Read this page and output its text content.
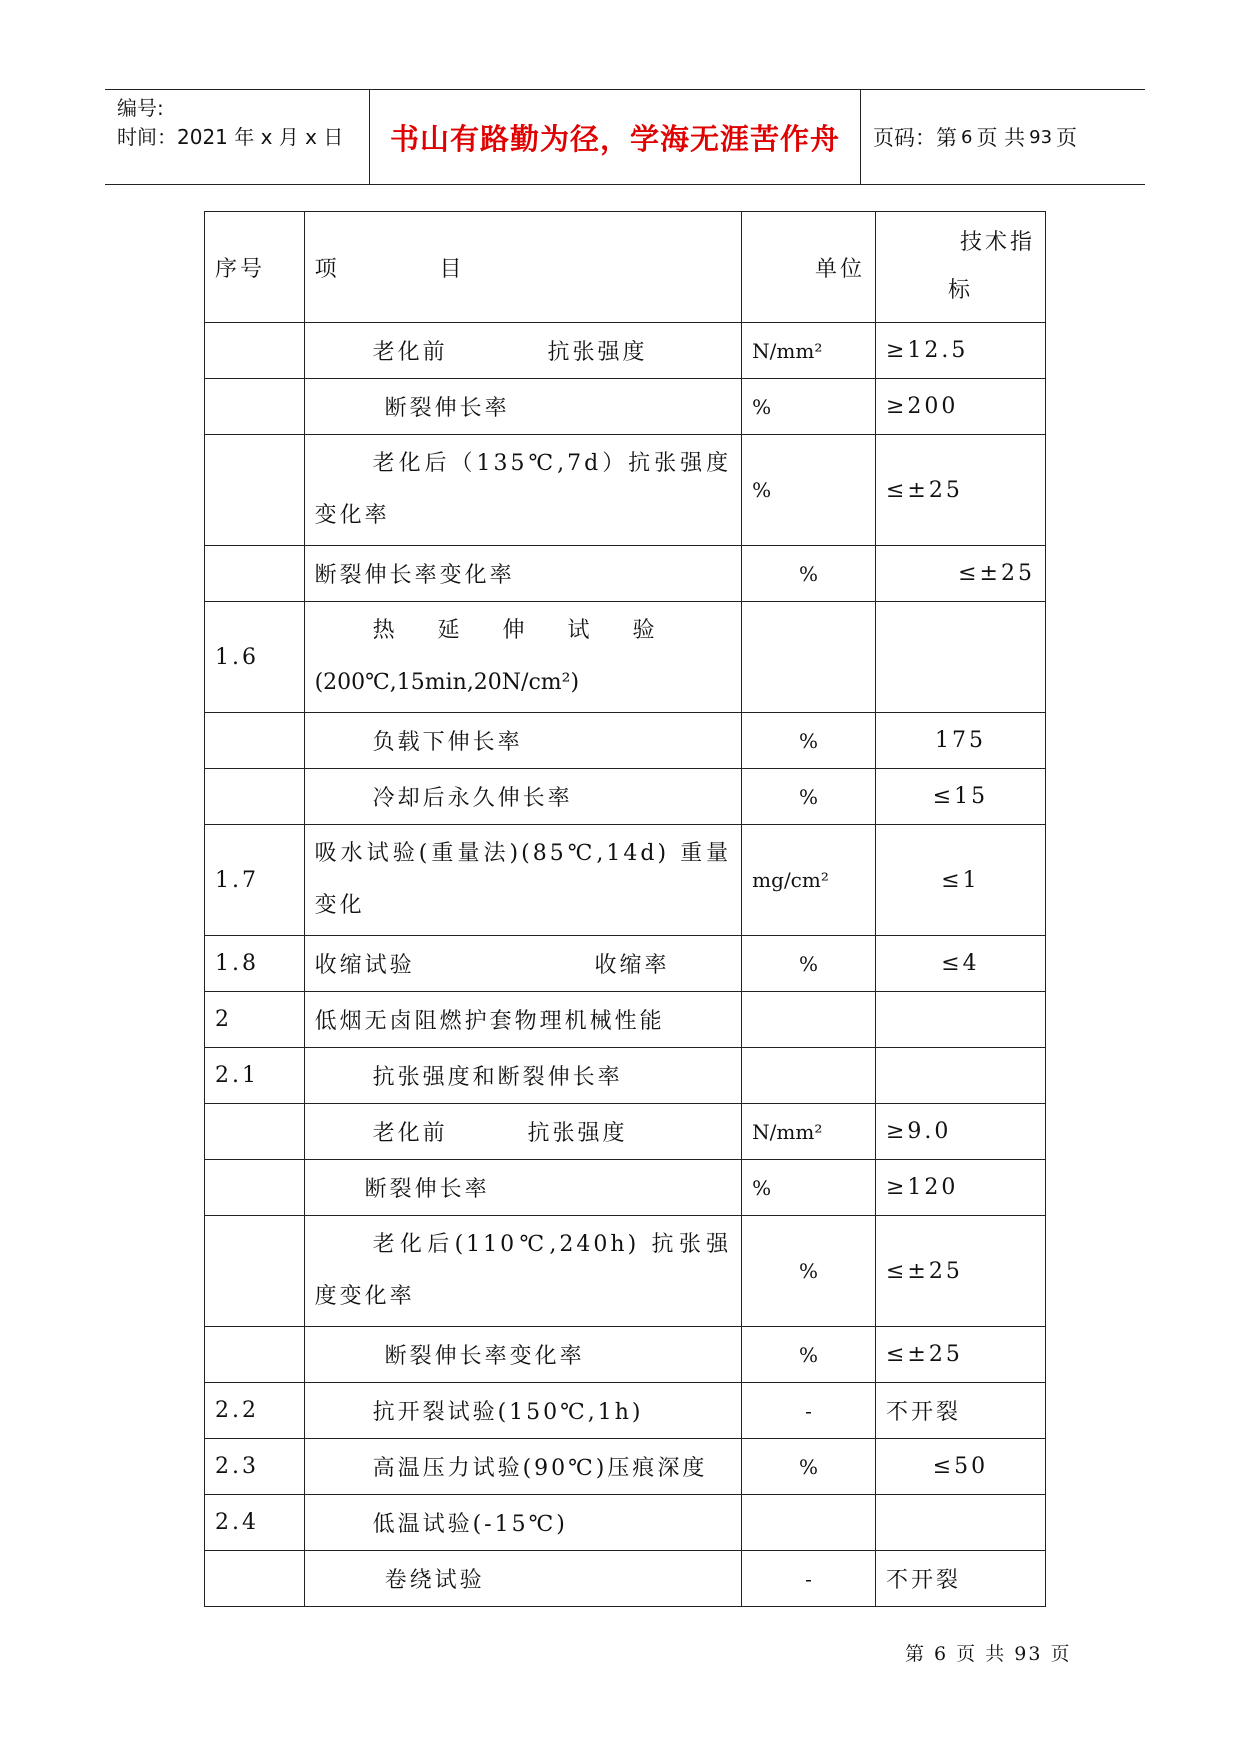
编号:
时间：2021 年 x 月 x 日	书山有路勤为径，学海无涯苦作舟	页码：第 6 页 共 93 页
序号	项          目	单位	技术指
标

	老化前          抗张强度	N/mm²	≥12.5
	断裂伸长率	%	≥200
	老化后（135℃,7d）抗张强度变化率	%	≤±25
	断裂伸长率变化率	%	≤±25
1.6	热    延    伸    试    验
(200℃,15min,20N/cm²)		

	负载下伸长率	%	175
	冷却后永久伸长率	%	≤15
1.7	吸水试验(重量法)(85℃,14d) 重量变化	mg/cm²	≤1
1.8	收缩试验                  收缩率	%	≤4
2	低烟无卤阻燃护套物理机械性能		
2.1	抗张强度和断裂伸长率		
	老化前        抗张强度	N/mm²	≥9.0
	断裂伸长率	%	≥120
	老化后(110℃,240h) 抗张强度变化率	%	≤±25
	断裂伸长率变化率	%	≤±25
2.2	抗开裂试验(150℃,1h)	-	不开裂
2.3	高温压力试验(90℃)压痕深度	%	≤50
2.4	低温试验(-15℃)		
	卷绕试验	-	不开裂
第 6 页 共 93 页
